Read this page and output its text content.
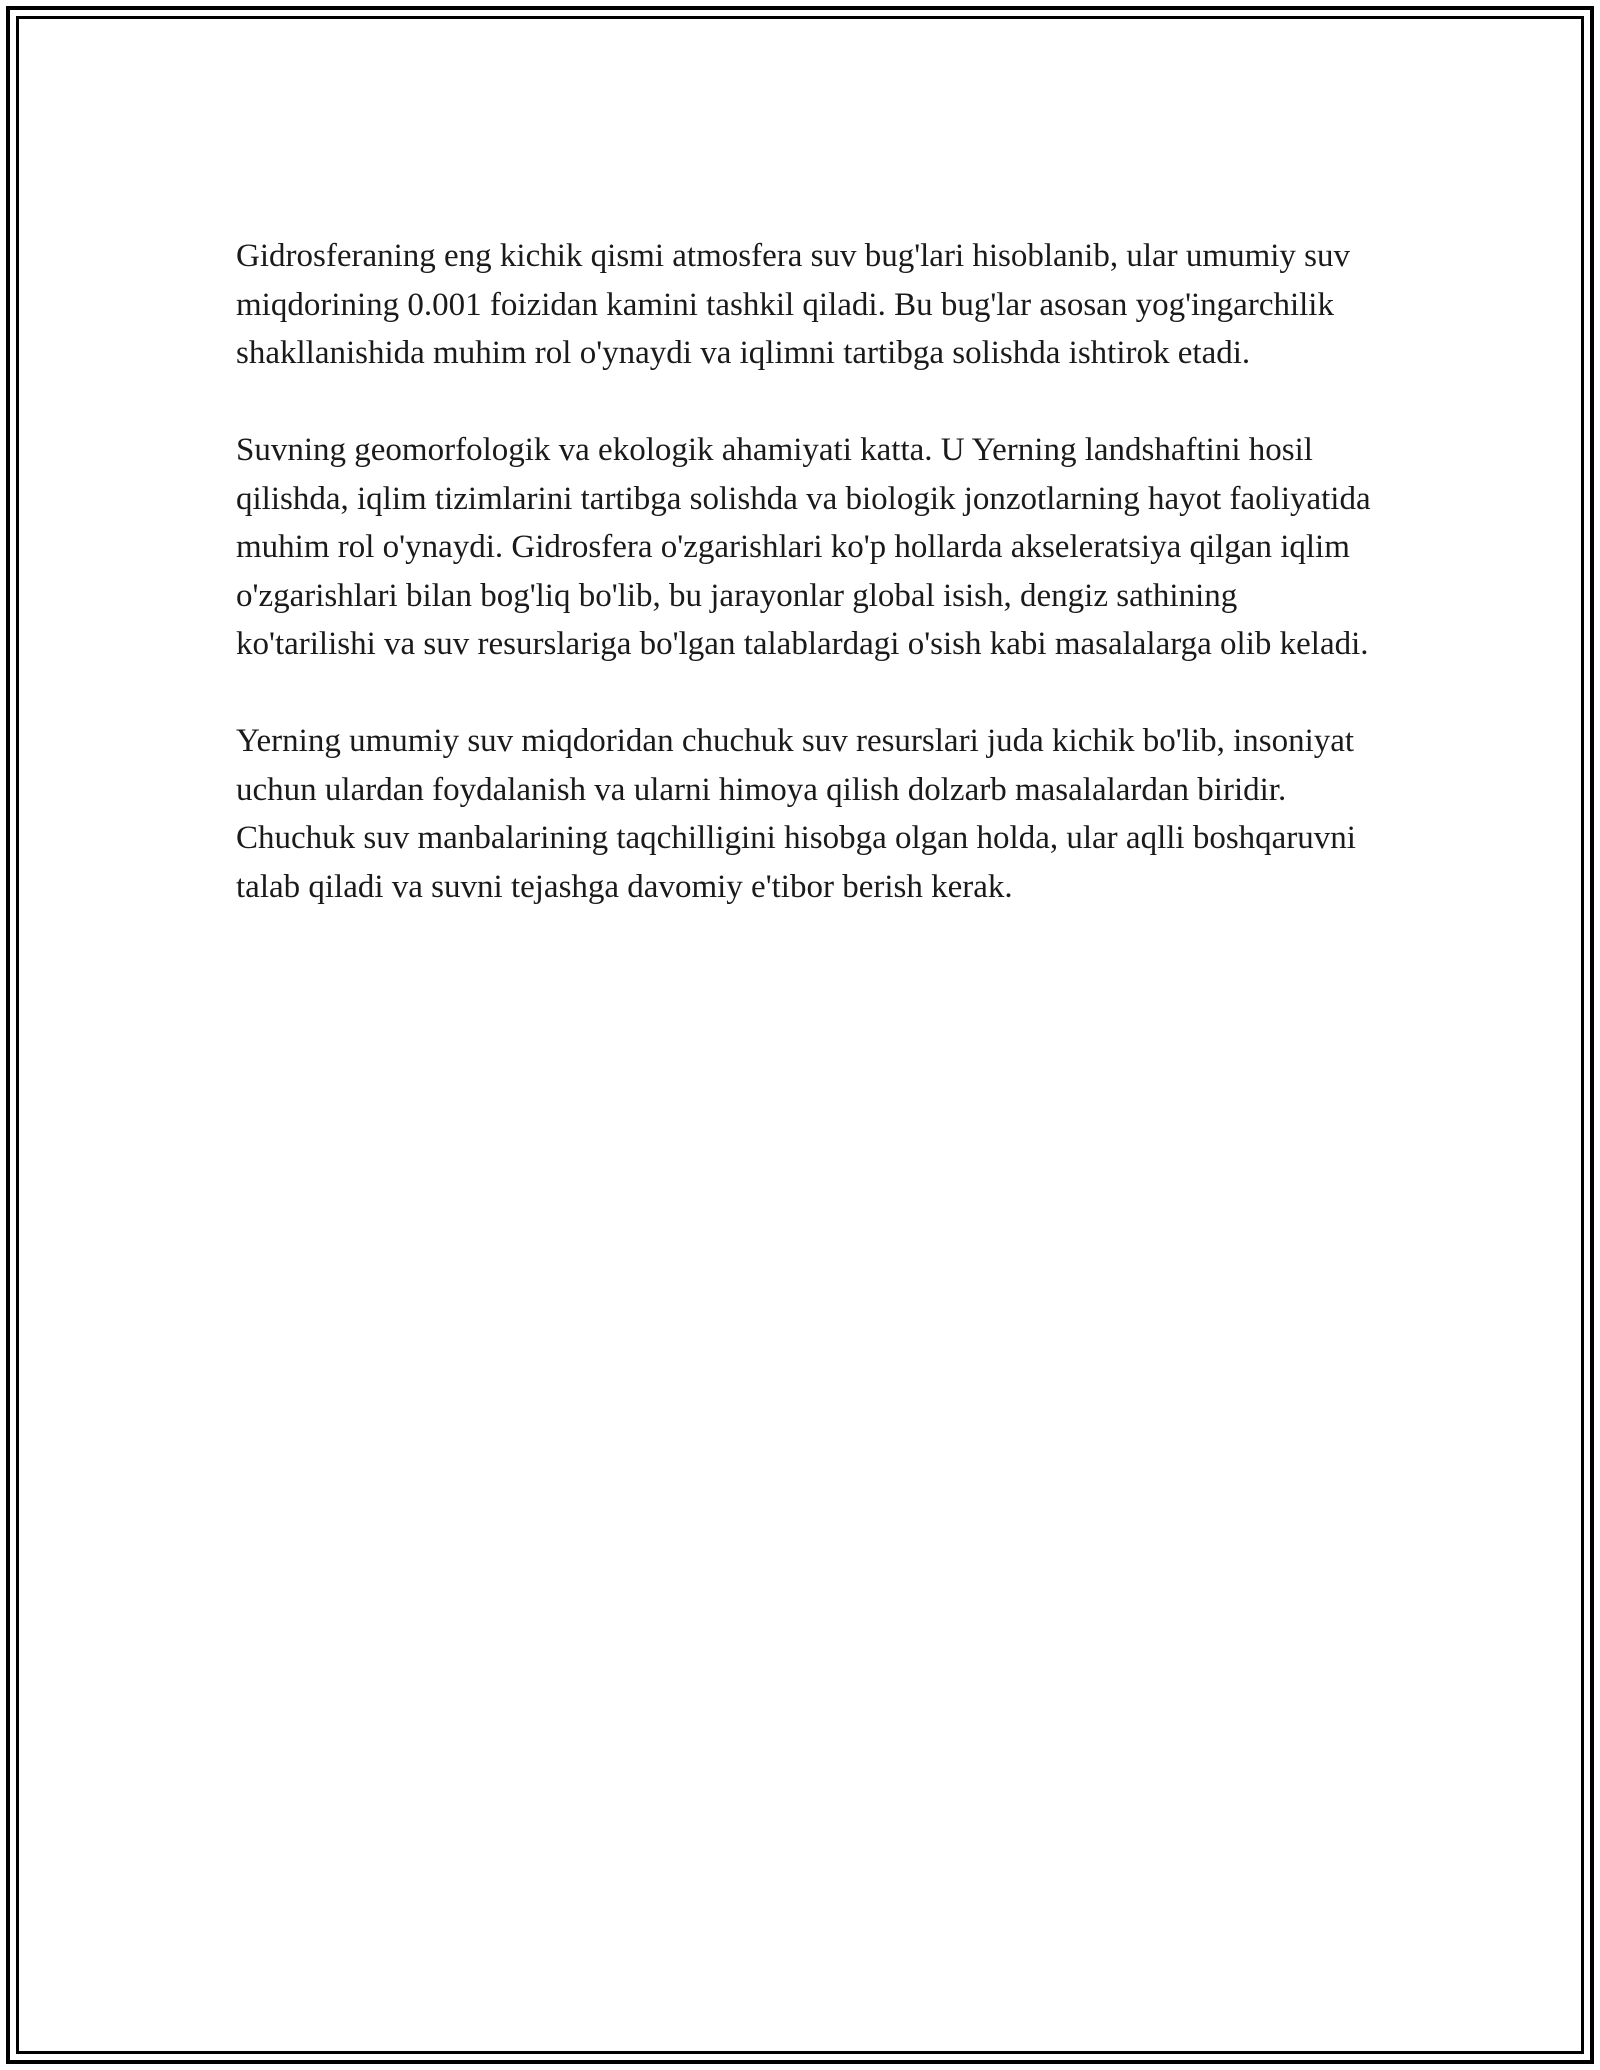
Gidrosferaning eng kichik qismi atmosfera suv bug'lari hisoblanib, ular umumiy suv miqdorining 0.001 foizidan kamini tashkil qiladi. Bu bug'lar asosan yog'ingarchilik shakllanishida muhim rol o'ynaydi va iqlimni tartibga solishda ishtirok etadi.

Suvning geomorfologik va ekologik ahamiyati katta. U Yerning landshaftini hosil qilishda, iqlim tizimlarini tartibga solishda va biologik jonzotlarning hayot faoliyatida muhim rol o'ynaydi. Gidrosfera o'zgarishlari ko'p hollarda akseleratsiya qilgan iqlim o'zgarishlari bilan bog'liq bo'lib, bu jarayonlar global isish, dengiz sathining ko'tarilishi va suv resurslariga bo'lgan talablardagi o'sish kabi masalalarga olib keladi.

Yerning umumiy suv miqdoridan chuchuk suv resurslari juda kichik bo'lib, insoniyat uchun ulardan foydalanish va ularni himoya qilish dolzarb masalalardan biridir. Chuchuk suv manbalarining taqchilligini hisobga olgan holda, ular aqlli boshqaruvni talab qiladi va suvni tejashga davomiy e'tibor berish kerak.
